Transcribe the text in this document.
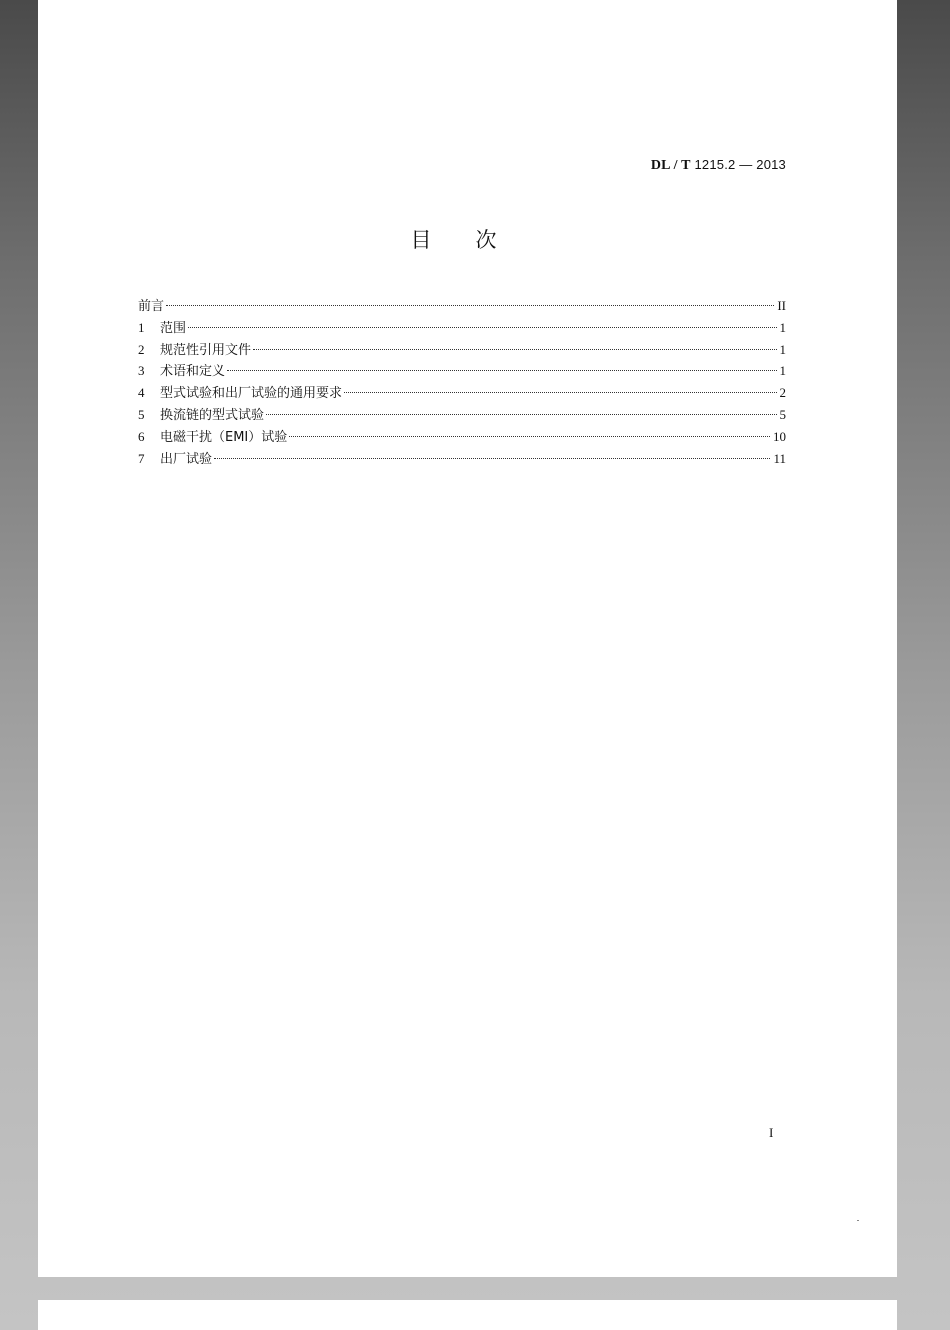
DL / T 1215.2 — 2013
目次
前言	II
1	范围	1
2	规范性引用文件	1
3	术语和定义	1
4	型式试验和出厂试验的通用要求	2
5	换流链的型式试验	5
6	电磁干扰（EMI）试验	10
7	出厂试验	11
I
